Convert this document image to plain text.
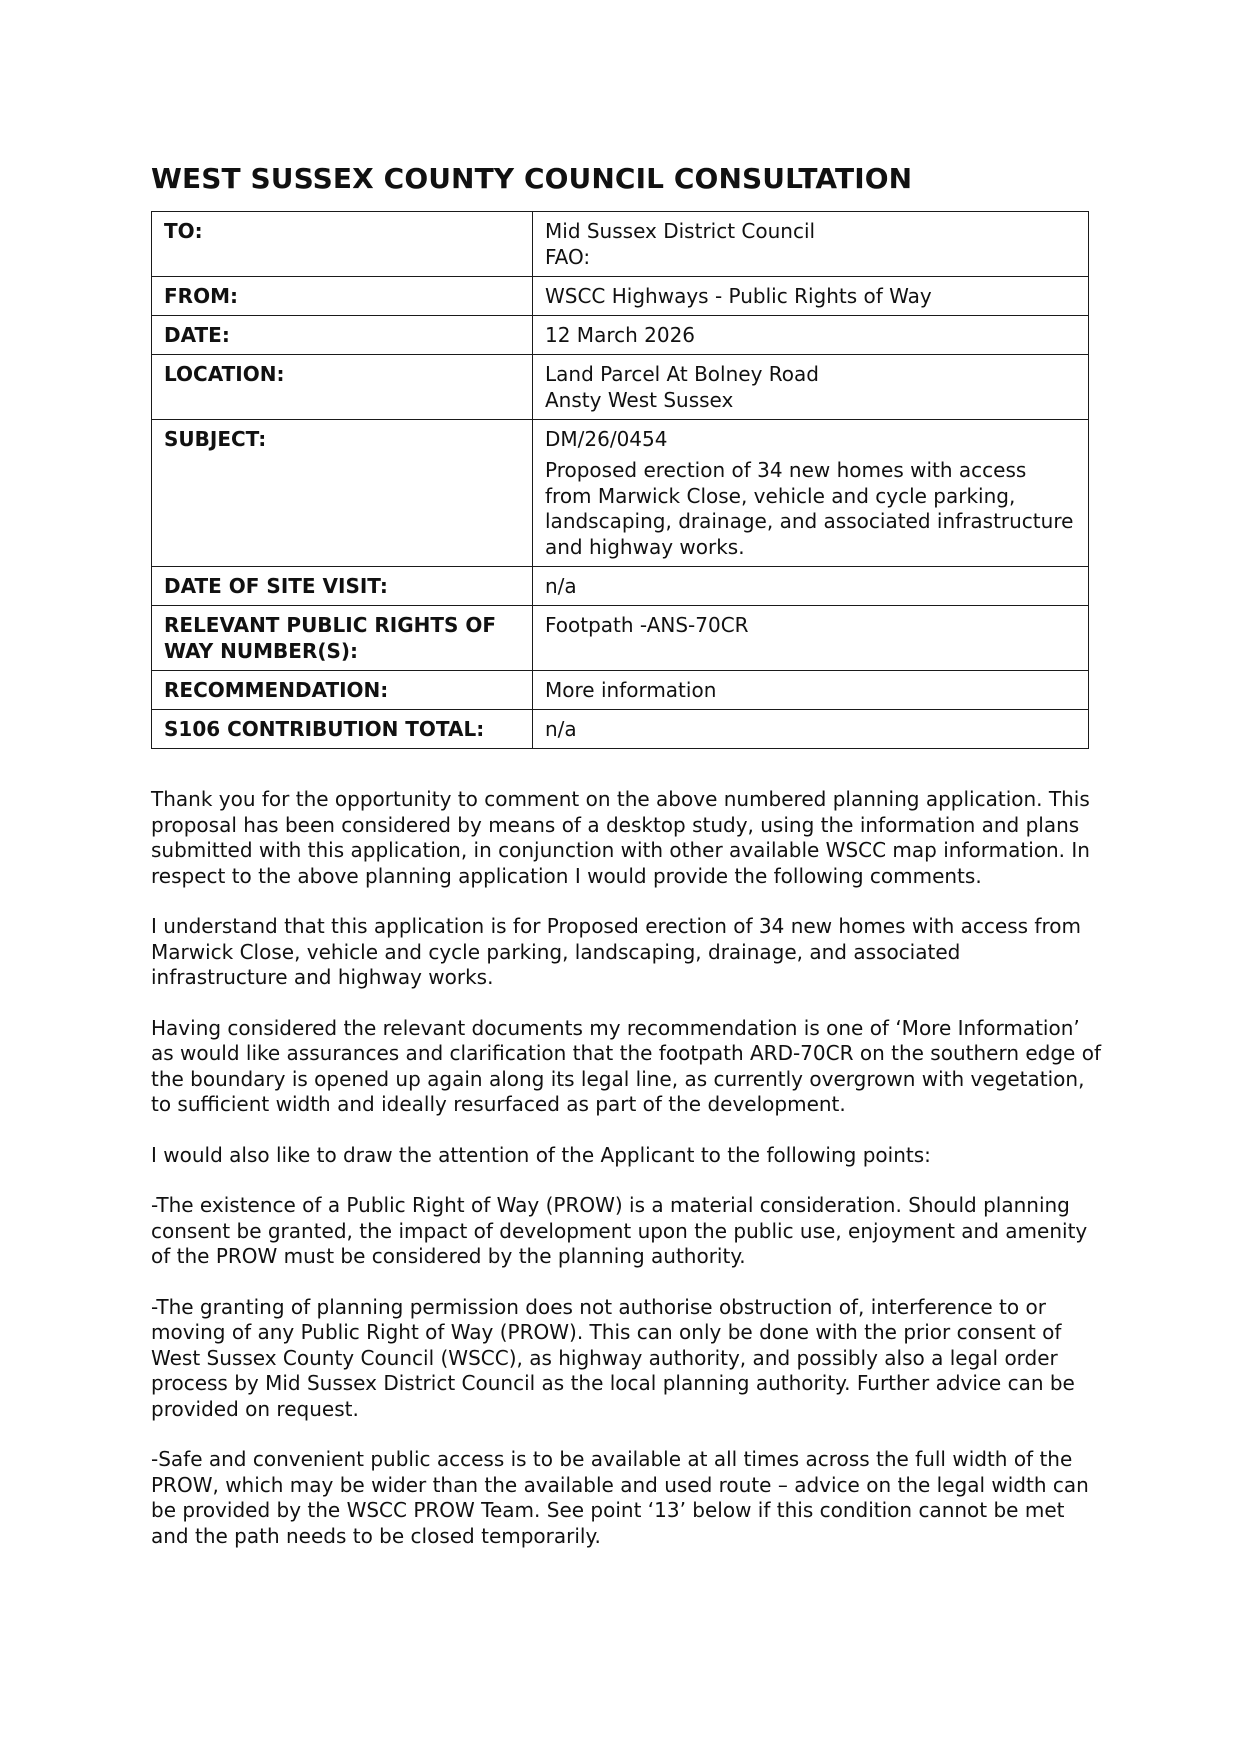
WEST SUSSEX COUNTY COUNCIL CONSULTATION
TO:	Mid Sussex District Council
FAO:

FROM:	WSCC Highways - Public Rights of Way
DATE:	12 March 2026
LOCATION:	Land Parcel At Bolney Road
Ansty West Sussex

SUBJECT:	DM/26/0454
Proposed erection of 34 new homes with access from Marwick Close, vehicle and cycle parking, landscaping, drainage, and associated infrastructure and highway works.

DATE OF SITE VISIT:	n/a
RELEVANT PUBLIC RIGHTS OF WAY NUMBER(S):	Footpath -ANS-70CR
RECOMMENDATION:	More information
S106 CONTRIBUTION TOTAL:	n/a

Thank you for the opportunity to comment on the above numbered planning application. This proposal has been considered by means of a desktop study, using the information and plans submitted with this application, in conjunction with other available WSCC map information. In respect to the above planning application I would provide the following comments.

I understand that this application is for Proposed erection of 34 new homes with access from Marwick Close, vehicle and cycle parking, landscaping, drainage, and associated infrastructure and highway works.

Having considered the relevant documents my recommendation is one of ‘More Information’ as would like assurances and clarification that the footpath ARD-70CR on the southern edge of the boundary is opened up again along its legal line, as currently overgrown with vegetation, to sufficient width and ideally resurfaced as part of the development.

I would also like to draw the attention of the Applicant to the following points:

-The existence of a Public Right of Way (PROW) is a material consideration. Should planning consent be granted, the impact of development upon the public use, enjoyment and amenity of the PROW must be considered by the planning authority.

-The granting of planning permission does not authorise obstruction of, interference to or moving of any Public Right of Way (PROW). This can only be done with the prior consent of West Sussex County Council (WSCC), as highway authority, and possibly also a legal order process by Mid Sussex District Council as the local planning authority. Further advice can be provided on request.

-Safe and convenient public access is to be available at all times across the full width of the PROW, which may be wider than the available and used route – advice on the legal width can be provided by the WSCC PROW Team. See point ‘13’ below if this condition cannot be met and the path needs to be closed temporarily.
